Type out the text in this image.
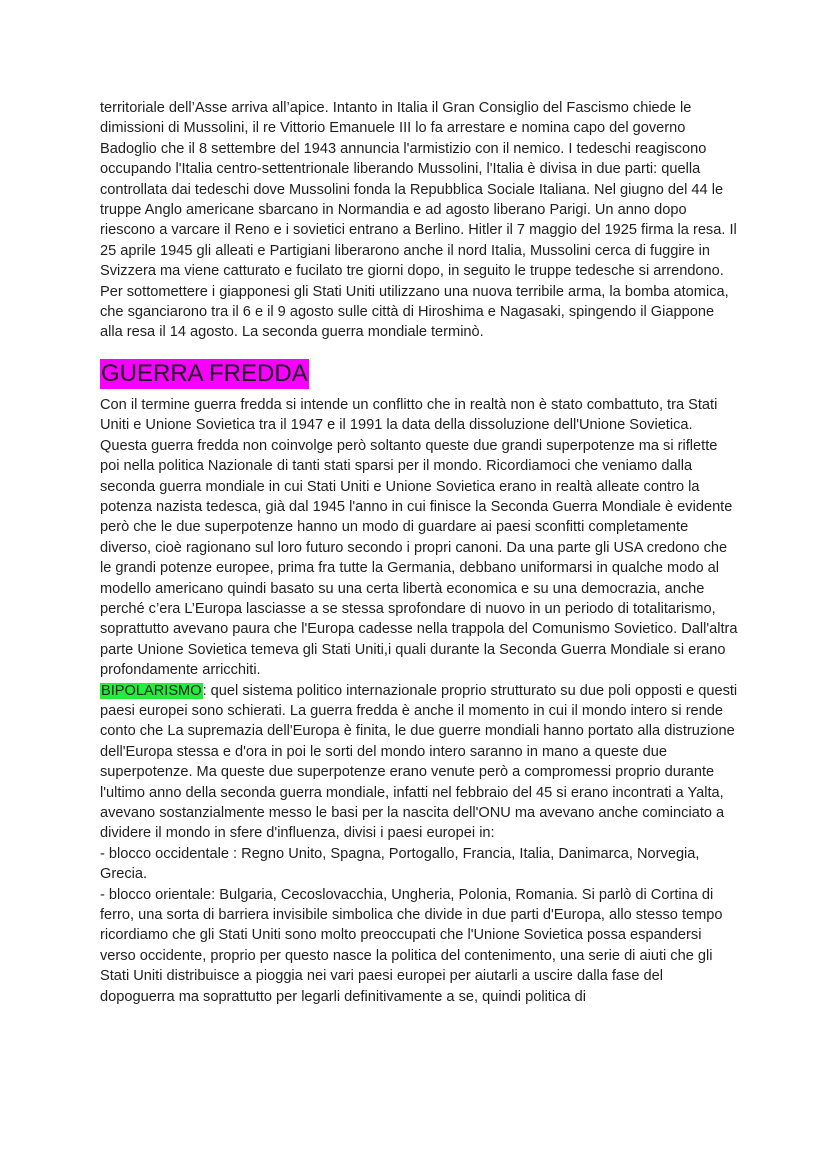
territoriale dell’Asse arriva all’apice. Intanto in Italia il Gran Consiglio del Fascismo chiede le dimissioni di Mussolini, il re Vittorio Emanuele III lo fa arrestare e nomina capo del governo Badoglio che il 8 settembre del 1943 annuncia l'armistizio con il nemico. I tedeschi reagiscono occupando l'Italia centro-settentrionale liberando Mussolini, l'Italia è divisa in due parti: quella controllata dai tedeschi dove Mussolini fonda la Repubblica Sociale Italiana. Nel giugno del 44 le truppe Anglo americane sbarcano in Normandia e ad agosto liberano Parigi. Un anno dopo riescono a varcare il Reno e i sovietici entrano a Berlino. Hitler il 7 maggio del 1925 firma la resa. Il 25 aprile 1945 gli alleati e Partigiani liberarono anche il nord Italia, Mussolini cerca di fuggire in Svizzera ma viene catturato e fucilato tre giorni dopo, in seguito le truppe tedesche si arrendono. Per sottomettere i giapponesi gli Stati Uniti utilizzano una nuova terribile arma, la bomba atomica, che sganciarono tra il 6 e il 9 agosto sulle città di Hiroshima e Nagasaki, spingendo il Giappone alla resa il 14 agosto. La seconda guerra mondiale terminò.

GUERRA FREDDA

Con il termine guerra fredda si intende un conflitto che in realtà non è stato combattuto, tra Stati Uniti e Unione Sovietica tra il 1947 e il 1991 la data della dissoluzione dell'Unione Sovietica. Questa guerra fredda non coinvolge però soltanto queste due grandi superpotenze ma si riflette poi nella politica Nazionale di tanti stati sparsi per il mondo. Ricordiamoci che veniamo dalla seconda guerra mondiale in cui Stati Uniti e Unione Sovietica erano in realtà alleate contro la potenza nazista tedesca, già dal 1945 l'anno in cui finisce la Seconda Guerra Mondiale è evidente però che le due superpotenze hanno un modo di guardare ai paesi sconfitti completamente diverso, cioè ragionano sul loro futuro secondo i propri canoni. Da una parte gli USA credono che le grandi potenze europee, prima fra tutte la Germania, debbano uniformarsi in qualche modo al modello americano quindi basato su una certa libertà economica e su una democrazia, anche perché c’era L’Europa lasciasse a se stessa sprofondare di nuovo in un periodo di totalitarismo, soprattutto avevano paura che l'Europa cadesse nella trappola del Comunismo Sovietico. Dall'altra parte Unione Sovietica temeva gli Stati Uniti,i quali durante la Seconda Guerra Mondiale si erano profondamente arricchiti.

BIPOLARISMO: quel sistema politico internazionale proprio strutturato su due poli opposti e questi paesi europei sono schierati. La guerra fredda è anche il momento in cui il mondo intero si rende conto che La supremazia dell'Europa è finita, le due guerre mondiali hanno portato alla distruzione dell'Europa stessa e d'ora in poi le sorti del mondo intero saranno in mano a queste due superpotenze. Ma queste due superpotenze erano venute però a compromessi proprio durante l'ultimo anno della seconda guerra mondiale, infatti nel febbraio del 45 si erano incontrati a Yalta, avevano sostanzialmente messo le basi per la nascita dell'ONU ma avevano anche cominciato a dividere il mondo in sfere d'influenza, divisi i paesi europei in:

- blocco occidentale : Regno Unito, Spagna, Portogallo, Francia, Italia, Danimarca, Norvegia, Grecia.

- blocco orientale: Bulgaria, Cecoslovacchia, Ungheria, Polonia, Romania. Si parlò di Cortina di ferro, una sorta di barriera invisibile simbolica che divide in due parti d'Europa, allo stesso tempo ricordiamo che gli Stati Uniti sono molto preoccupati che l'Unione Sovietica possa espandersi verso occidente, proprio per questo nasce la politica del contenimento, una serie di aiuti che gli Stati Uniti distribuisce a pioggia nei vari paesi europei per aiutarli a uscire dalla fase del dopoguerra ma soprattutto per legarli definitivamente a se, quindi politica di
